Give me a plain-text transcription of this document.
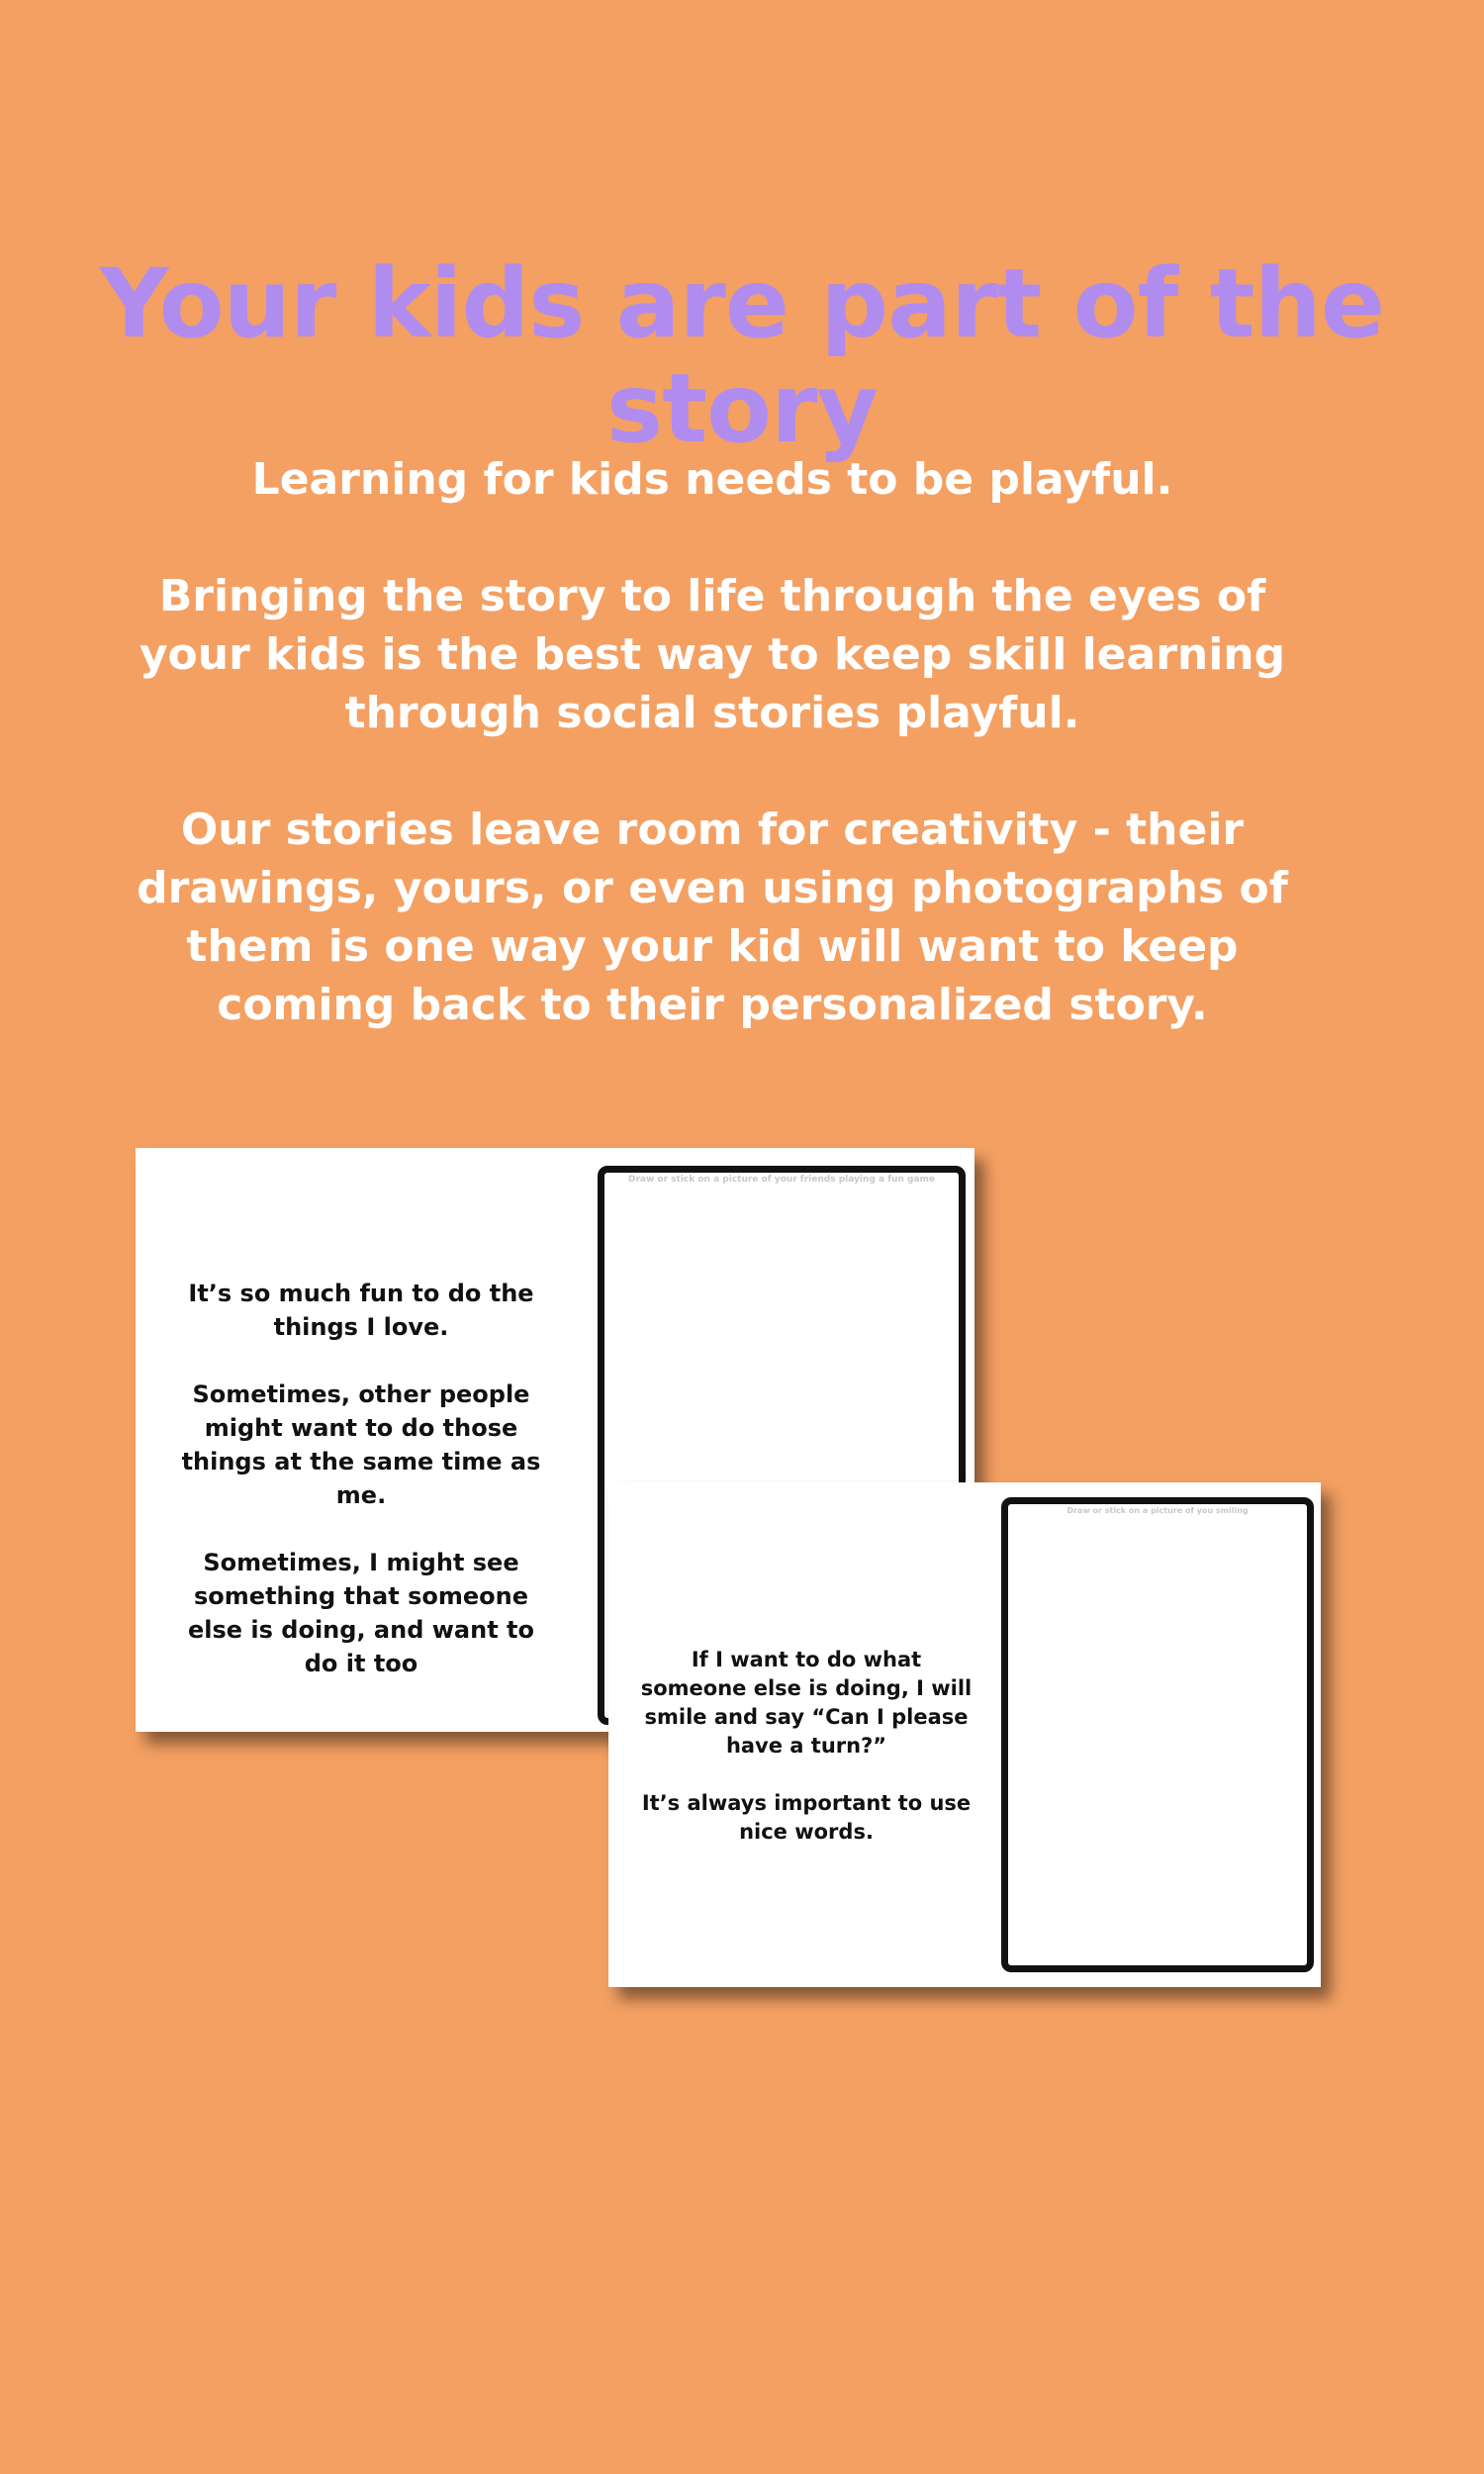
Your kids are part of the story

Learning for kids needs to be playful.

Bringing the story to life through the eyes of your kids is the best way to keep skill learning through social stories playful.

Our stories leave room for creativity - their drawings, yours, or even using photographs of them is one way your kid will want to keep coming back to their personalized story.

It’s so much fun to do the things I love.

Sometimes, other people might want to do those things at the same time as me.

Sometimes, I might see something that someone else is doing, and want to do it too

Draw or stick on a picture of your friends playing a fun game

If I want to do what someone else is doing, I will smile and say “Can I please have a turn?”

It’s always important to use nice words.

Draw or stick on a picture of you smiling
